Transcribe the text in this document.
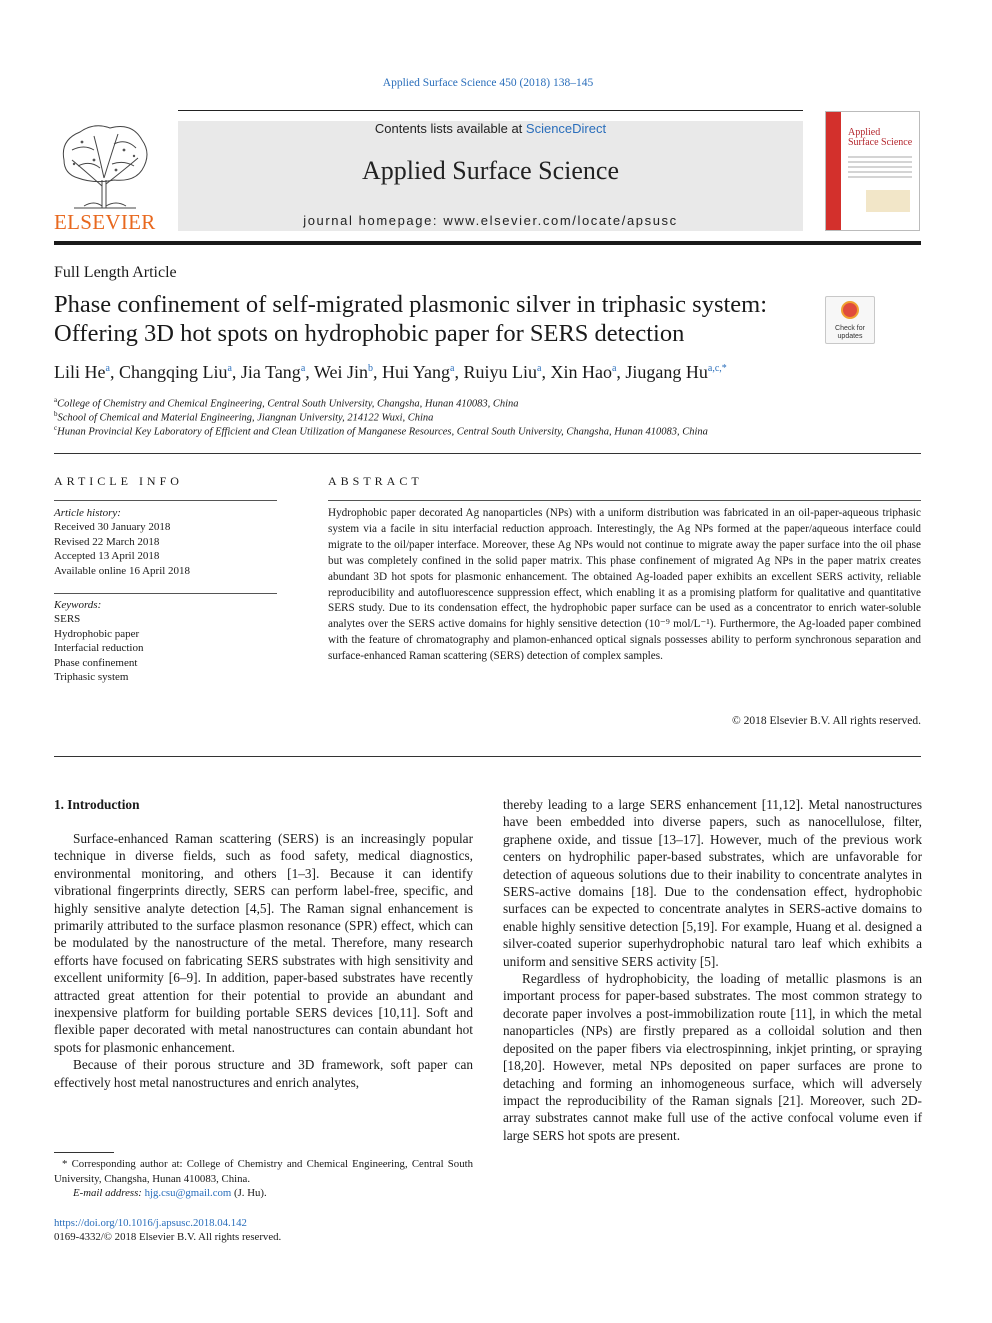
Applied Surface Science 450 (2018) 138–145
ELSEVIER
Contents lists available at ScienceDirect
Applied Surface Science
journal homepage: www.elsevier.com/locate/apsusc
Applied
Surface Science
Full Length Article
Phase confinement of self-migrated plasmonic silver in triphasic system: Offering 3D hot spots on hydrophobic paper for SERS detection	Check for updates
Lili He$^a$, Changqing Liu$^a$, Jia Tang$^a$, Wei Jin$^b$, Hui Yang$^a$, Ruiyu Liu$^a$, Xin Hao$^a$, Jiugang $Hu^{a,c,*}$
$^a$College of Chemistry and Chemical Engineering, Central South University, Changsha, Hunan 410083, China
$^b$School of Chemical and Material Engineering, Jiangnan University, 214122 Wuxi, China
$^c$Hunan Provincial Key Laboratory of Efficient and Clean Utilization of Manganese Resources, Central South University, Changsha, Hunan 410083, China
ARTICLE INFO
Article history:
Received 30 January 2018
Revised 22 March 2018
Accepted 13 April 2018
Available online 16 April 2018
Keywords:
SERS
Hydrophobic paper
Interfacial reduction
Phase confinement
Triphasic system
ABSTRACT
Hydrophobic paper decorated Ag nanoparticles (NPs) with a uniform distribution was fabricated in an oil-paper-aqueous triphasic system via a facile in situ interfacial reduction approach. Interestingly, the Ag NPs formed at the paper/aqueous interface could migrate to the oil/paper interface. Moreover, these Ag NPs would not continue to migrate away the paper surface into the oil phase but was completely confined in the solid paper matrix. This phase confinement of migrated Ag NPs in the paper matrix creates abundant 3D hot spots for plasmonic enhancement. The obtained Ag-loaded paper exhibits an excellent SERS activity, reliable reproducibility and autofluorescence suppression effect, which enabling it as a promising platform for qualitative and quantitative SERS study. Due to its condensation effect, the hydrophobic paper surface can be used as a concentrator to enrich water-soluble analytes over the SERS active domains for highly sensitive detection (10⁻⁹ mol/L⁻¹). Furthermore, the Ag-loaded paper combined with the feature of chromatography and plamon-enhanced optical signals possesses ability to perform synchronous separation and surface-enhanced Raman scattering (SERS) detection of complex samples.
© 2018 Elsevier B.V. All rights reserved.
1. Introduction

Surface-enhanced Raman scattering (SERS) is an increasingly popular technique in diverse fields, such as food safety, medical diagnostics, environmental monitoring, and others [1–3]. Because it can identify vibrational fingerprints directly, SERS can perform label-free, specific, and highly sensitive analyte detection [4,5]. The Raman signal enhancement is primarily attributed to the surface plasmon resonance (SPR) effect, which can be modulated by the nanostructure of the metal. Therefore, many research efforts have focused on fabricating SERS substrates with high sensitivity and excellent uniformity [6–9]. In addition, paper-based substrates have recently attracted great attention for their potential to provide an abundant and inexpensive platform for building portable SERS devices [10,11]. Soft and flexible paper decorated with metal nanostructures can contain abundant hot spots for plasmonic enhancement.

Because of their porous structure and 3D framework, soft paper can effectively host metal nanostructures and enrich analytes,

thereby leading to a large SERS enhancement [11,12]. Metal nanostructures have been embedded into diverse papers, such as nanocellulose, filter, graphene oxide, and tissue [13–17]. However, much of the previous work centers on hydrophilic paper-based substrates, which are unfavorable for detection of aqueous solutions due to their inability to concentrate analytes in SERS-active domains [18]. Due to the condensation effect, hydrophobic surfaces can be expected to concentrate analytes in SERS-active domains to enable highly sensitive detection [5,19]. For example, Huang et al. designed a silver-coated superior superhydrophobic natural taro leaf which exhibits a uniform and sensitive SERS activity [5].

Regardless of hydrophobicity, the loading of metallic plasmons is an important process for paper-based substrates. The most common strategy to decorate paper involves a post-immobilization route [11], in which the metal nanoparticles (NPs) are firstly prepared as a colloidal solution and then deposited on the paper fibers via electrospinning, inkjet printing, or spraying [18,20]. However, metal NPs deposited on paper surfaces are prone to detaching and forming an inhomogeneous surface, which will adversely impact the reproducibility of the Raman signals [21]. Moreover, such 2D-array substrates cannot make full use of the active confocal volume even if large SERS hot spots are present.

* Corresponding author at: College of Chemistry and Chemical Engineering, Central South University, Changsha, Hunan 410083, China.
E-mail address: hjg.csu@gmail.com (J. Hu).
https://doi.org/10.1016/j.apsusc.2018.04.142
0169-4332/© 2018 Elsevier B.V. All rights reserved.
